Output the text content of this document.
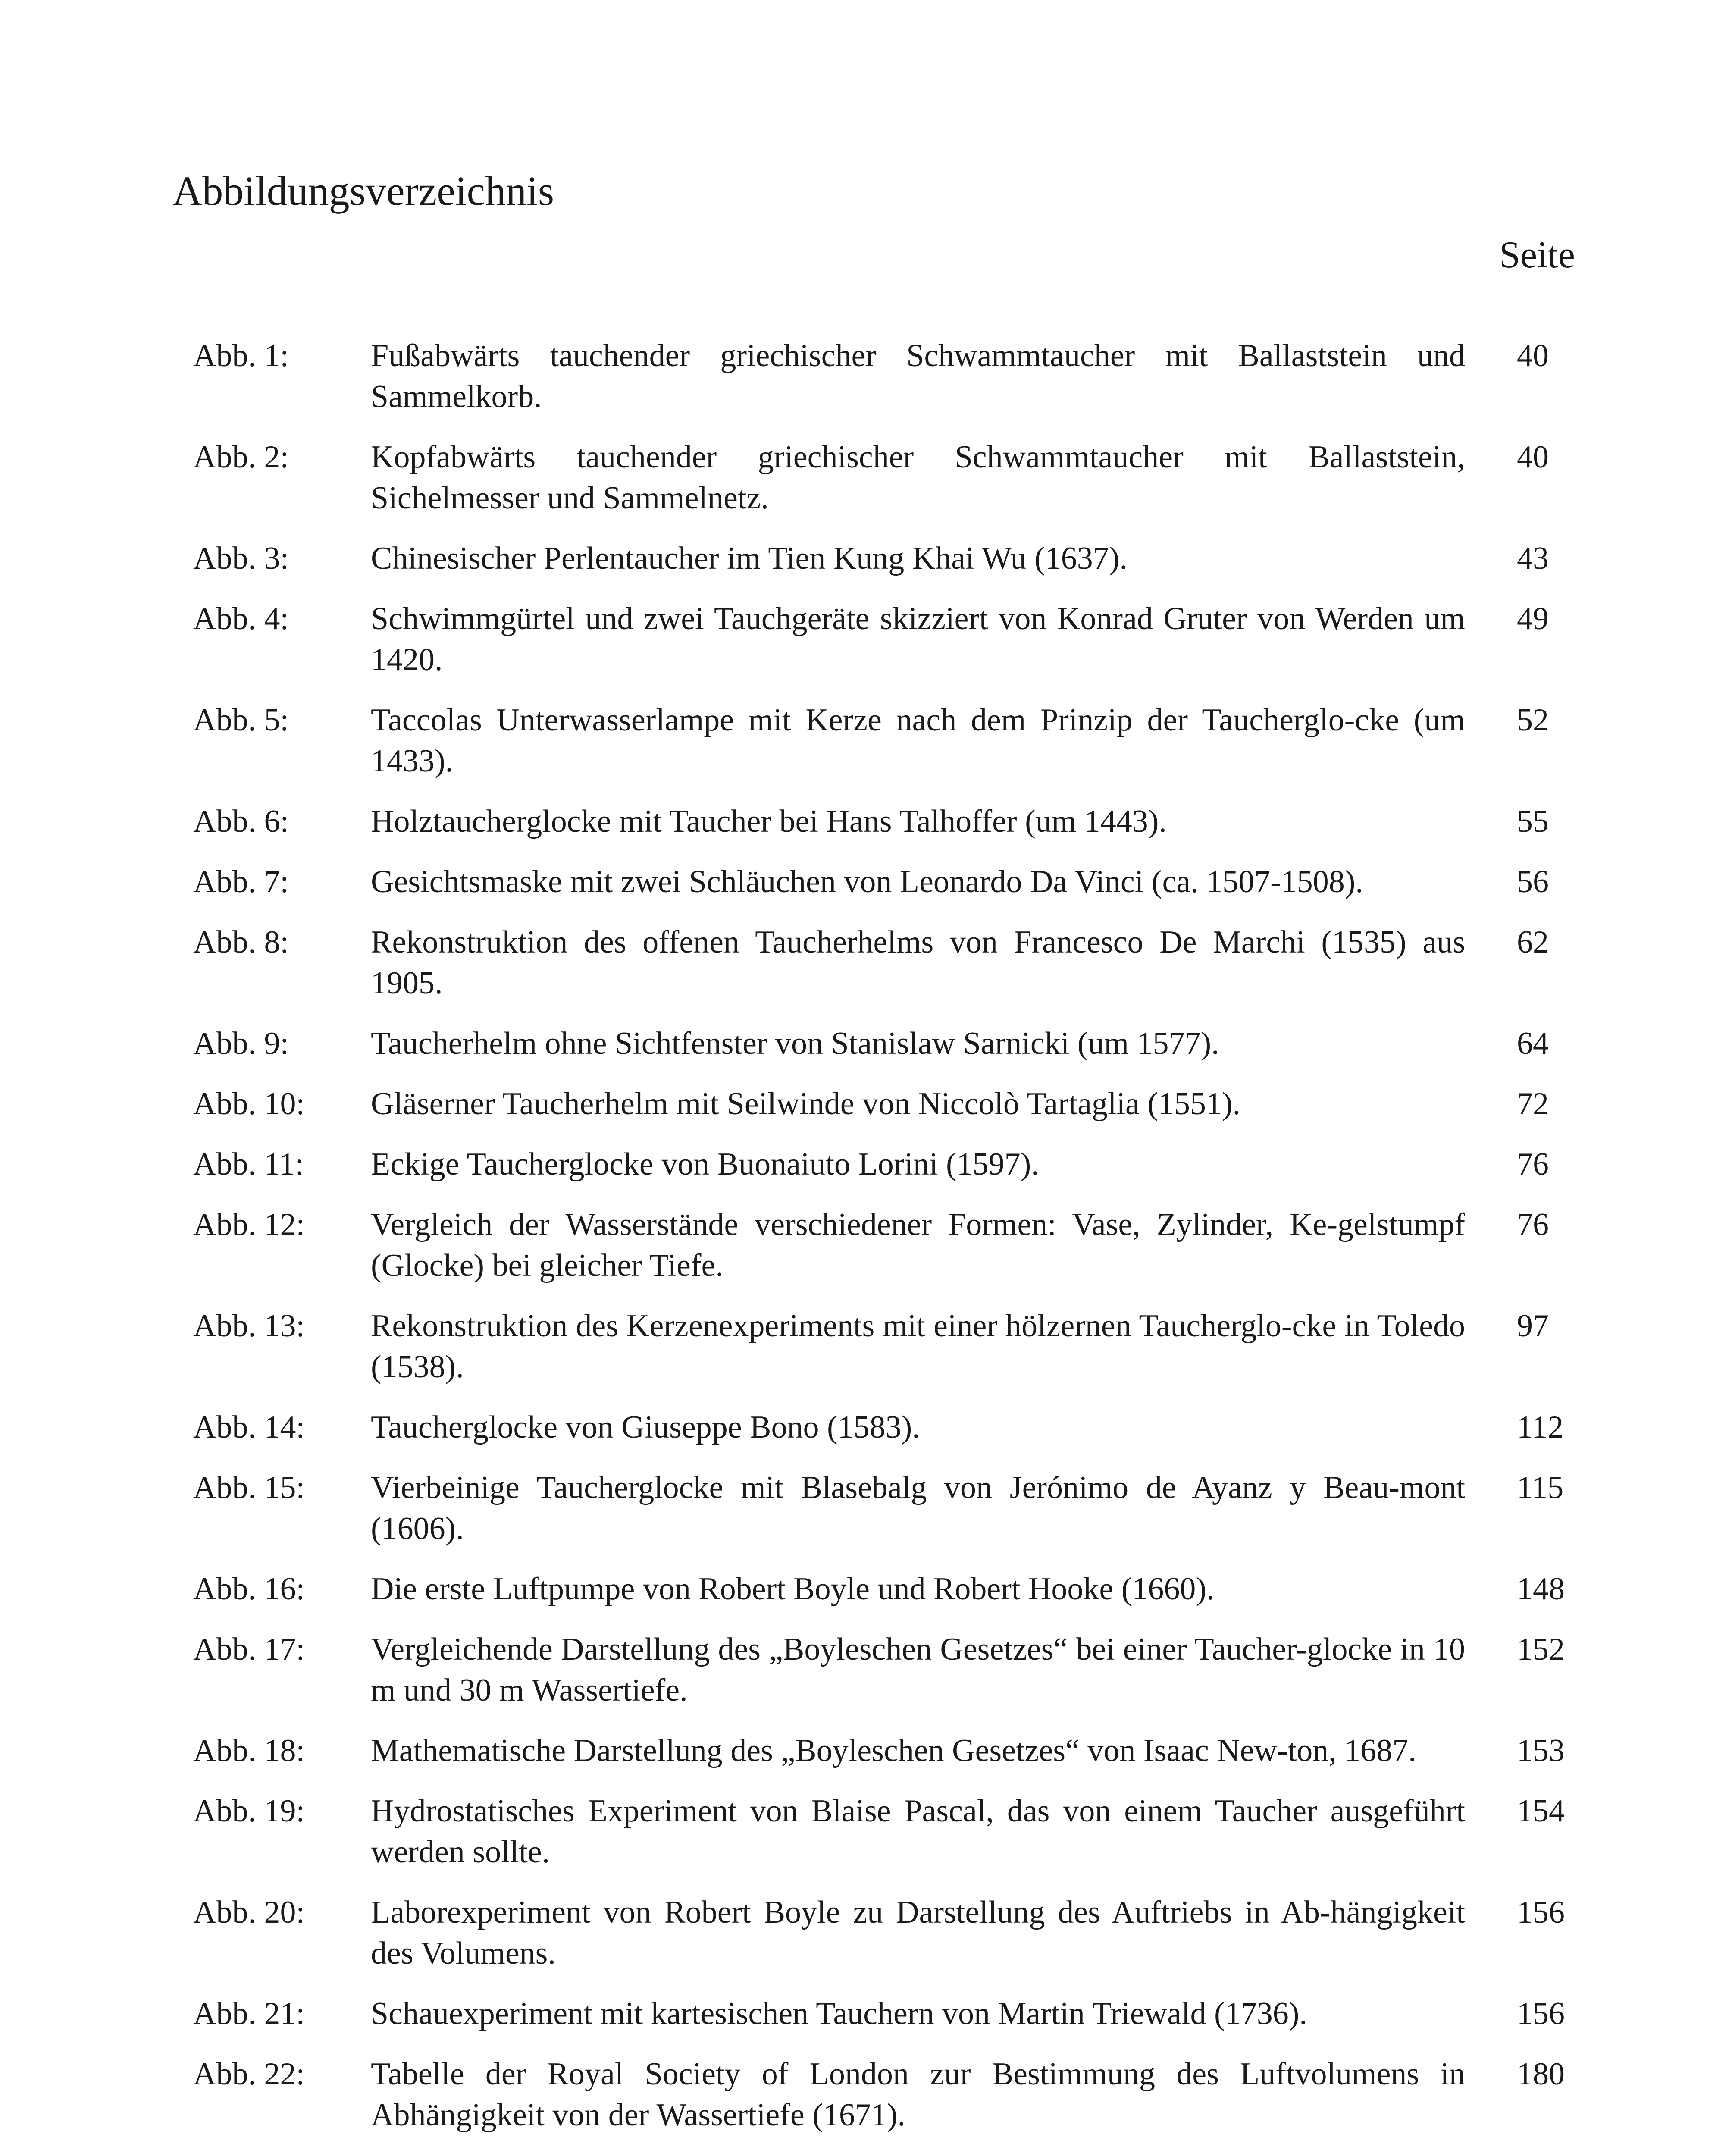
Abbildungsverzeichnis
Seite
Abb. 1:	Fußabwärts tauchender griechischer Schwammtaucher mit Ballaststein und Sammelkorb.
40
Abb. 2:	Kopfabwärts tauchender griechischer Schwammtaucher mit Ballaststein, Sichelmesser und Sammelnetz.
40
Abb. 3:	Chinesischer Perlentaucher im Tien Kung Khai Wu (1637).	43
Abb. 4:	Schwimmgürtel und zwei Tauchgeräte skizziert von Konrad Gruter von Werden um 1420.
49
Abb. 5:	Taccolas Unterwasserlampe mit Kerze nach dem Prinzip der Taucherglo-cke (um 1433).
52
Abb. 6:	Holztaucherglocke mit Taucher bei Hans Talhoffer (um 1443).	55
Abb. 7:	Gesichtsmaske mit zwei Schläuchen von Leonardo Da Vinci (ca. 1507-1508).	56
Abb. 8:	Rekonstruktion des offenen Taucherhelms von Francesco De Marchi (1535) aus 1905.
62
Abb. 9:	Taucherhelm ohne Sichtfenster von Stanislaw Sarnicki (um 1577).	64
Abb. 10:	Gläserner Taucherhelm mit Seilwinde von Niccolò Tartaglia (1551).	72
Abb. 11:	Eckige Taucherglocke von Buonaiuto Lorini (1597).	76
Abb. 12:	Vergleich der Wasserstände verschiedener Formen: Vase, Zylinder, Ke-gelstumpf (Glocke) bei gleicher Tiefe.
76
Abb. 13:	Rekonstruktion des Kerzenexperiments mit einer hölzernen Taucherglo-cke in Toledo (1538).
97
Abb. 14:	Taucherglocke von Giuseppe Bono (1583).	112
Abb. 15:	Vierbeinige Taucherglocke mit Blasebalg von Jerónimo de Ayanz y Beau-mont (1606).
115
Abb. 16:	Die erste Luftpumpe von Robert Boyle und Robert Hooke (1660).	148
Abb. 17:	Vergleichende Darstellung des „Boyleschen Gesetzes“ bei einer Taucher-glocke in 10 m und 30 m Wassertiefe.
152
Abb. 18:	Mathematische Darstellung des „Boyleschen Gesetzes“ von Isaac New-ton, 1687.	153
Abb. 19:	Hydrostatisches Experiment von Blaise Pascal, das von einem Taucher ausgeführt werden sollte.
154
Abb. 20:	Laborexperiment von Robert Boyle zu Darstellung des Auftriebs in Ab-hängigkeit des Volumens.
156
Abb. 21:	Schauexperiment mit kartesischen Tauchern von Martin Triewald (1736).	156
Abb. 22:	Tabelle der Royal Society of London zur Bestimmung des Luftvolumens in Abhängigkeit von der Wassertiefe (1671).
180
